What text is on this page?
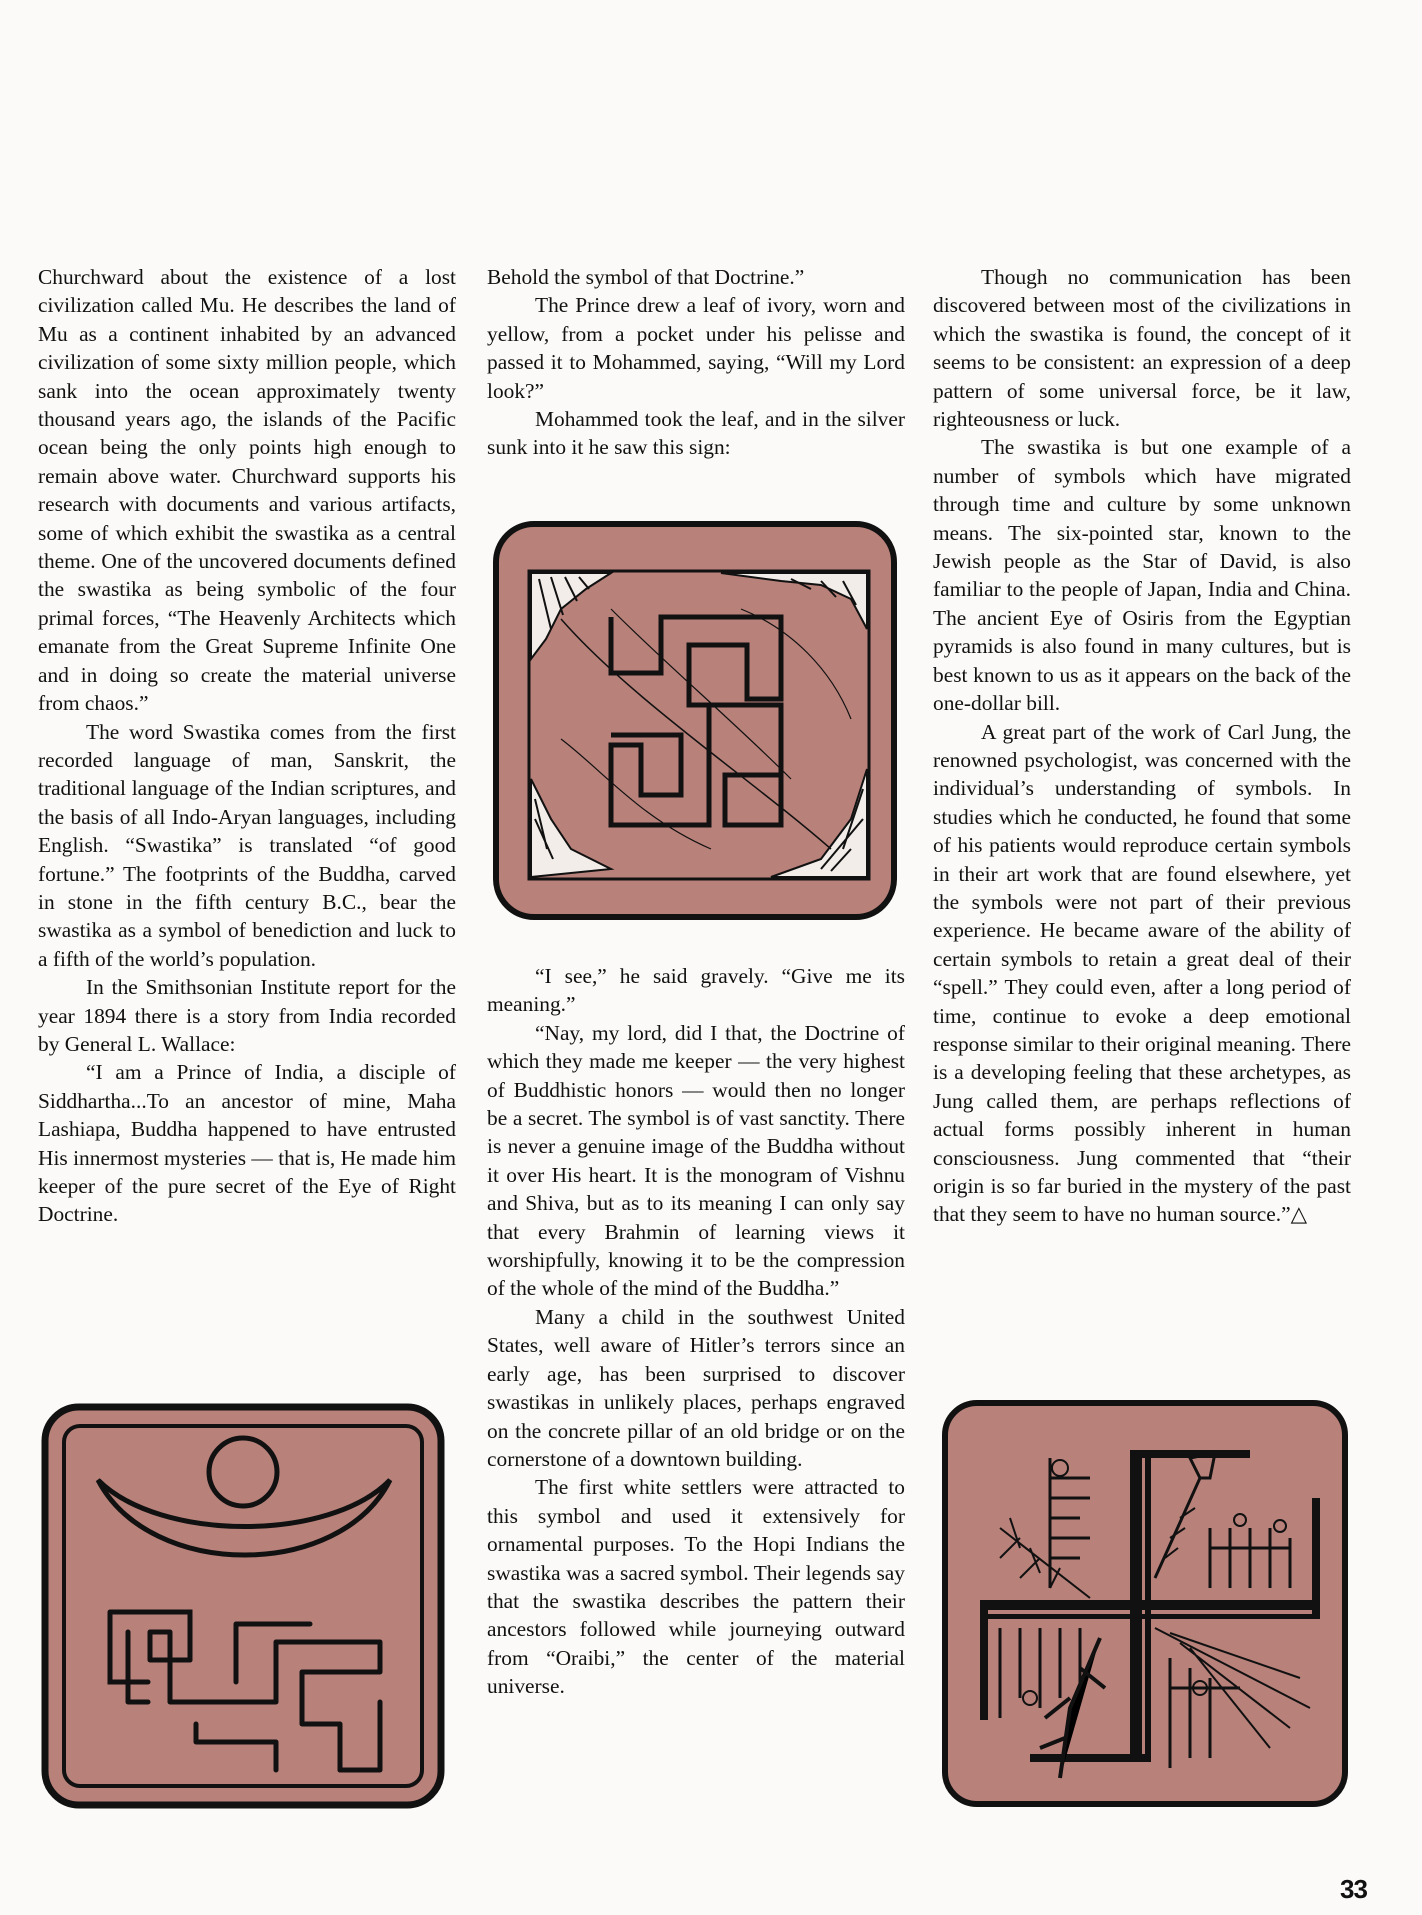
Churchward about the existence of a lost civilization called Mu. He describes the land of Mu as a continent inhabited by an advanced civilization of some sixty million people, which sank into the ocean approximately twenty thousand years ago, the islands of the Pacific ocean being the only points high enough to remain above water. Churchward supports his research with documents and various artifacts, some of which exhibit the swastika as a central theme. One of the uncovered documents defined the swastika as being symbolic of the four primal forces, “The Heavenly Architects which emanate from the Great Supreme Infinite One and in doing so create the material universe from chaos.”

The word Swastika comes from the first recorded language of man, Sanskrit, the traditional language of the Indian scriptures, and the basis of all Indo-Aryan languages, including English. “Swastika” is translated “of good fortune.” The footprints of the Buddha, carved in stone in the fifth century B.C., bear the swastika as a symbol of benediction and luck to a fifth of the world’s population.

In the Smithsonian Institute report for the year 1894 there is a story from India recorded by General L. Wallace:

“I am a Prince of India, a disciple of Siddhartha...To an ancestor of mine, Maha Lashiapa, Buddha happened to have entrusted His innermost mysteries — that is, He made him keeper of the pure secret of the Eye of Right Doctrine.

Behold the symbol of that Doctrine.”

The Prince drew a leaf of ivory, worn and yellow, from a pocket under his pelisse and passed it to Mohammed, saying, “Will my Lord look?”

Mohammed took the leaf, and in the silver sunk into it he saw this sign:

“I see,” he said gravely. “Give me its meaning.”

“Nay, my lord, did I that, the Doctrine of which they made me keeper — the very highest of Buddhistic honors — would then no longer be a secret. The symbol is of vast sanctity. There is never a genuine image of the Buddha without it over His heart. It is the monogram of Vishnu and Shiva, but as to its meaning I can only say that every Brahmin of learning views it worshipfully, knowing it to be the compression of the whole of the mind of the Buddha.”

Many a child in the southwest United States, well aware of Hitler’s terrors since an early age, has been surprised to discover swastikas in unlikely places, perhaps engraved on the concrete pillar of an old bridge or on the cornerstone of a downtown building.

The first white settlers were attracted to this symbol and used it extensively for ornamental purposes. To the Hopi Indians the swastika was a sacred symbol. Their legends say that the swastika describes the pattern their ancestors followed while journeying outward from “Oraibi,” the center of the material universe.

Though no communication has been discovered between most of the civilizations in which the swastika is found, the concept of it seems to be consistent: an expression of a deep pattern of some universal force, be it law, righteousness or luck.

The swastika is but one example of a number of symbols which have migrated through time and culture by some unknown means. The six-pointed star, known to the Jewish people as the Star of David, is also familiar to the people of Japan, India and China. The ancient Eye of Osiris from the Egyptian pyramids is also found in many cultures, but is best known to us as it appears on the back of the one-dollar bill.

A great part of the work of Carl Jung, the renowned psychologist, was concerned with the individual’s understanding of symbols. In studies which he conducted, he found that some of his patients would reproduce certain symbols in their art work that are found elsewhere, yet the symbols were not part of their previous experience. He became aware of the ability of certain symbols to retain a great deal of their “spell.” They could even, after a long period of time, continue to evoke a deep emotional response similar to their original meaning. There is a developing feeling that these archetypes, as Jung called them, are perhaps reflections of actual forms possibly inherent in human consciousness. Jung commented that “their origin is so far buried in the mystery of the past that they seem to have no human source.”△

33
